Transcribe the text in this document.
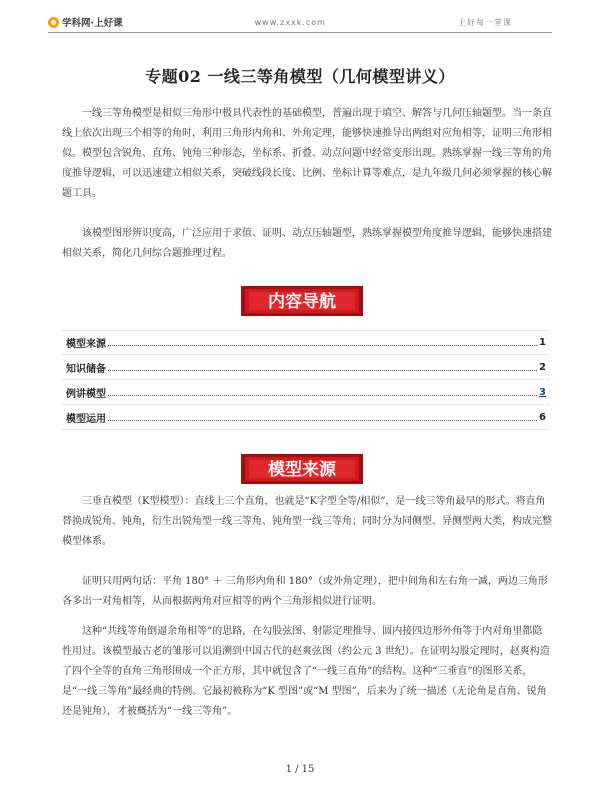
学科网·上好课	www.zxxk.com	上好每一堂课
专题02 一线三等角模型（几何模型讲义）

一线三等角模型是相似三角形中极具代表性的基础模型，普遍出现于填空、解答与几何压轴题型。当一条直线上依次出现三个相等的角时，利用三角形内角和、外角定理，能够快速推导出两组对应角相等，证明三角形相似。模型包含锐角、直角、钝角三种形态，坐标系、折叠、动点问题中经常变形出现。熟练掌握一线三等角的角度推导逻辑，可以迅速建立相似关系，突破线段长度、比例、坐标计算等难点，是九年级几何必须掌握的核心解题工具。

该模型图形辨识度高，广泛应用于求值、证明、动点压轴题型，熟练掌握模型角度推导逻辑，能够快速搭建相似关系，简化几何综合题推理过程。

内容导航
模型来源	1
知识储备	2
例讲模型	3
模型运用	6
模型来源

三垂直模型（K型模型）：直线上三个直角，也就是“K字型全等/相似”，是一线三等角最早的形式。将直角替换成锐角、钝角，衍生出锐角型一线三等角、钝角型一线三等角；同时分为同侧型、异侧型两大类，构成完整模型体系。

证明只用两句话：平角 180° ＋ 三角形内角和 180°（或外角定理），把中间角和左右角一减，两边三角形各多出一对角相等，从而根据两角对应相等的两个三角形相似进行证明。

这种“共线等角倒逼余角相等”的思路，在勾股弦图、射影定理推导、圆内接四边形外角等于内对角里都隐性用过。该模型最古老的雏形可以追溯到中国古代的赵爽弦图（约公元 3 世纪）。在证明勾股定理时，赵爽构造了四个全等的直角三角形围成一个正方形，其中就包含了“一线三直角”的结构。这种“三垂直”的图形关系，是“一线三等角”最经典的特例。它最初被称为“K 型图”或“M 型图”，后来为了统一描述（无论角是直角、锐角还是钝角），才被概括为“一线三等角”。

1 / 15
